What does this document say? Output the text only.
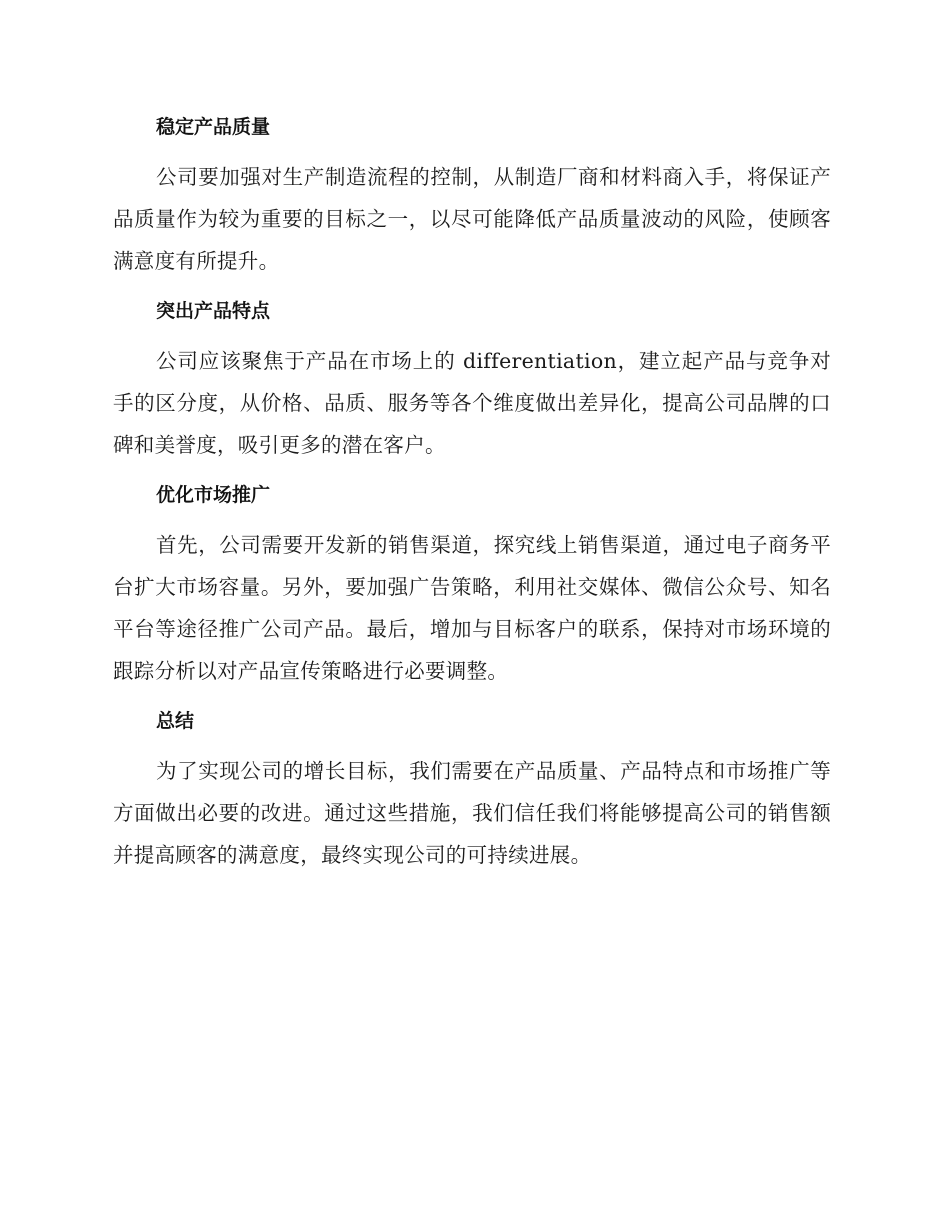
稳定产品质量

公司要加强对生产制造流程的控制，从制造厂商和材料商入手，将保证产品质量作为较为重要的目标之一，以尽可能降低产品质量波动的风险，使顾客满意度有所提升。

突出产品特点

公司应该聚焦于产品在市场上的 differentiation，建立起产品与竞争对手的区分度，从价格、品质、服务等各个维度做出差异化，提高公司品牌的口碑和美誉度，吸引更多的潜在客户。

优化市场推广

首先，公司需要开发新的销售渠道，探究线上销售渠道，通过电子商务平台扩大市场容量。另外，要加强广告策略，利用社交媒体、微信公众号、知名平台等途径推广公司产品。最后，增加与目标客户的联系，保持对市场环境的跟踪分析以对产品宣传策略进行必要调整。

总结

为了实现公司的增长目标，我们需要在产品质量、产品特点和市场推广等方面做出必要的改进。通过这些措施，我们信任我们将能够提高公司的销售额并提高顾客的满意度，最终实现公司的可持续进展。
